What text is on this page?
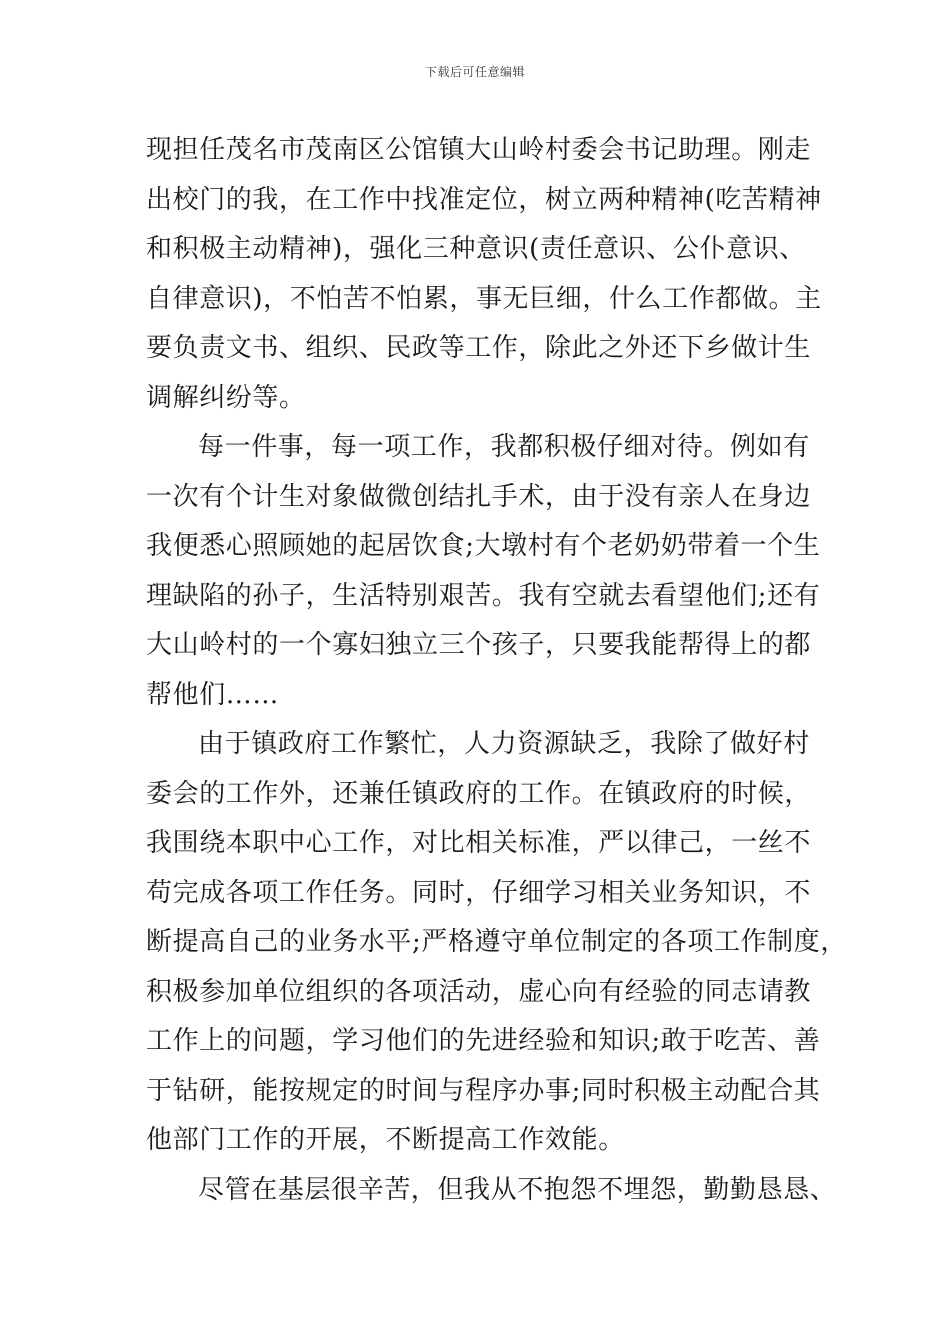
下载后可任意编辑
现担任茂名市茂南区公馆镇大山岭村委会书记助理。刚走
出校门的我，在工作中找准定位，树立两种精神(吃苦精神
和积极主动精神)，强化三种意识(责任意识、公仆意识、
自律意识)，不怕苦不怕累，事无巨细，什么工作都做。主
要负责文书、组织、民政等工作，除此之外还下乡做计生
调解纠纷等。
每一件事，每一项工作，我都积极仔细对待。例如有
一次有个计生对象做微创结扎手术，由于没有亲人在身边
我便悉心照顾她的起居饮食;大墩村有个老奶奶带着一个生
理缺陷的孙子，生活特别艰苦。我有空就去看望他们;还有
大山岭村的一个寡妇独立三个孩子，只要我能帮得上的都
帮他们……
由于镇政府工作繁忙，人力资源缺乏，我除了做好村
委会的工作外，还兼任镇政府的工作。在镇政府的时候，
我围绕本职中心工作，对比相关标准，严以律己，一丝不
苟完成各项工作任务。同时，仔细学习相关业务知识，不
断提高自己的业务水平;严格遵守单位制定的各项工作制度，
积极参加单位组织的各项活动，虚心向有经验的同志请教
工作上的问题，学习他们的先进经验和知识;敢于吃苦、善
于钻研，能按规定的时间与程序办事;同时积极主动配合其
他部门工作的开展，不断提高工作效能。
尽管在基层很辛苦，但我从不抱怨不埋怨，勤勤恳恳、
